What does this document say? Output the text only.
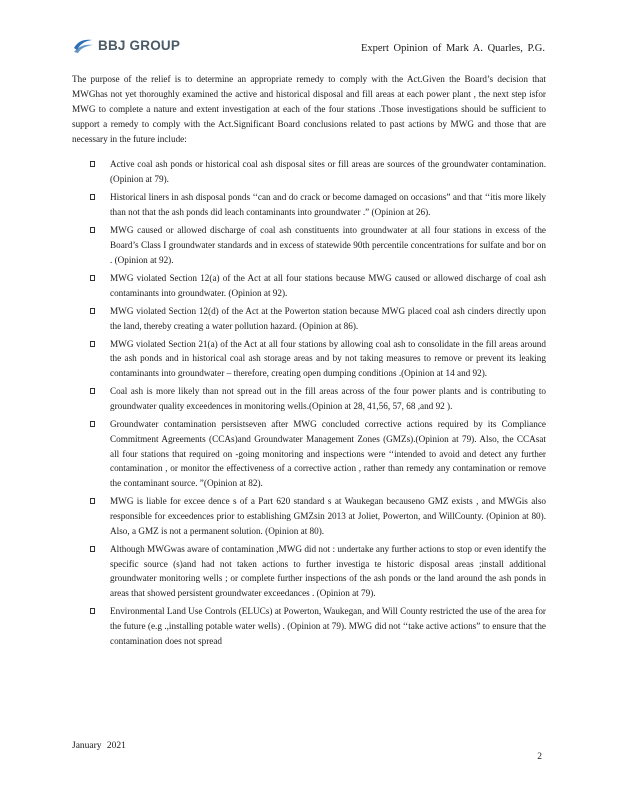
BBJ GROUP	Expert Opinion of Mark A. Quarles, P.G.

The purpose of the relief is to determine an appropriate remedy to comply with the Act.Given the Board’s decision that MWGhas not yet thoroughly examined the active and historical disposal and fill areas at each power plant , the next step isfor MWG to complete a nature and extent investigation at each of the four stations .Those investigations should be sufficient to support a remedy to comply with the Act.Significant Board conclusions related to past actions by MWG and those that are necessary in the future include:

Active coal ash ponds or historical coal ash disposal sites or fill areas are sources of the groundwater contamination. (Opinion at 79).
Historical liners in ash disposal ponds ‘‘can and do crack or become damaged on occasions” and that ‘‘itis more likely than not that the ash ponds did leach contaminants into groundwater .” (Opinion at 26).
MWG caused or allowed discharge of coal ash constituents into groundwater at all four stations in excess of the Board’s Class I groundwater standards and in excess of statewide 90th percentile concentrations for sulfate and bor on . (Opinion at 92).
MWG violated Section 12(a) of the Act at all four stations because MWG caused or allowed discharge of coal ash contaminants into groundwater. (Opinion at 92).
MWG violated Section 12(d) of the Act at the Powerton station because MWG placed coal ash cinders directly upon the land, thereby creating a water pollution hazard. (Opinion at 86).
MWG violated Section 21(a) of the Act at all four stations by allowing coal ash to consolidate in the fill areas around the ash ponds and in historical coal ash storage areas and by not taking measures to remove or prevent its leaking contaminants into groundwater – therefore, creating open dumping conditions .(Opinion at 14 and 92).
Coal ash is more likely than not spread out in the fill areas across of the four power plants and is contributing to groundwater quality exceedences in monitoring wells.(Opinion at 28, 41,56, 57, 68 ,and 92 ).
Groundwater contamination persistseven after MWG concluded corrective actions required by its Compliance Commitment Agreements (CCAs)and Groundwater Management Zones (GMZs).(Opinion at 79). Also, the CCAsat all four stations that required on -going monitoring and inspections were ‘‘intended to avoid and detect any further contamination , or monitor the effectiveness of a corrective action , rather than remedy any contamination or remove the contaminant source. ”(Opinion at 82).
MWG is liable for excee dence s of a Part 620 standard s at Waukegan becauseno GMZ exists , and MWGis also responsible for exceedences prior to establishing GMZsin 2013 at Joliet, Powerton, and WillCounty. (Opinion at 80). Also, a GMZ is not a permanent solution. (Opinion at 80).
Although MWGwas aware of contamination ,MWG did not : undertake any further actions to stop or even identify the specific source (s)and had not taken actions to further investiga te historic disposal areas ;install additional groundwater monitoring wells ; or complete further inspections of the ash ponds or the land around the ash ponds in areas that showed persistent groundwater exceedances . (Opinion at 79).
Environmental Land Use Controls (ELUCs) at Powerton, Waukegan, and Will County restricted the use of the area for the future (e.g .,installing potable water wells) . (Opinion at 79). MWG did not ‘‘take active actions” to ensure that the contamination does not spread
January 2021
2
